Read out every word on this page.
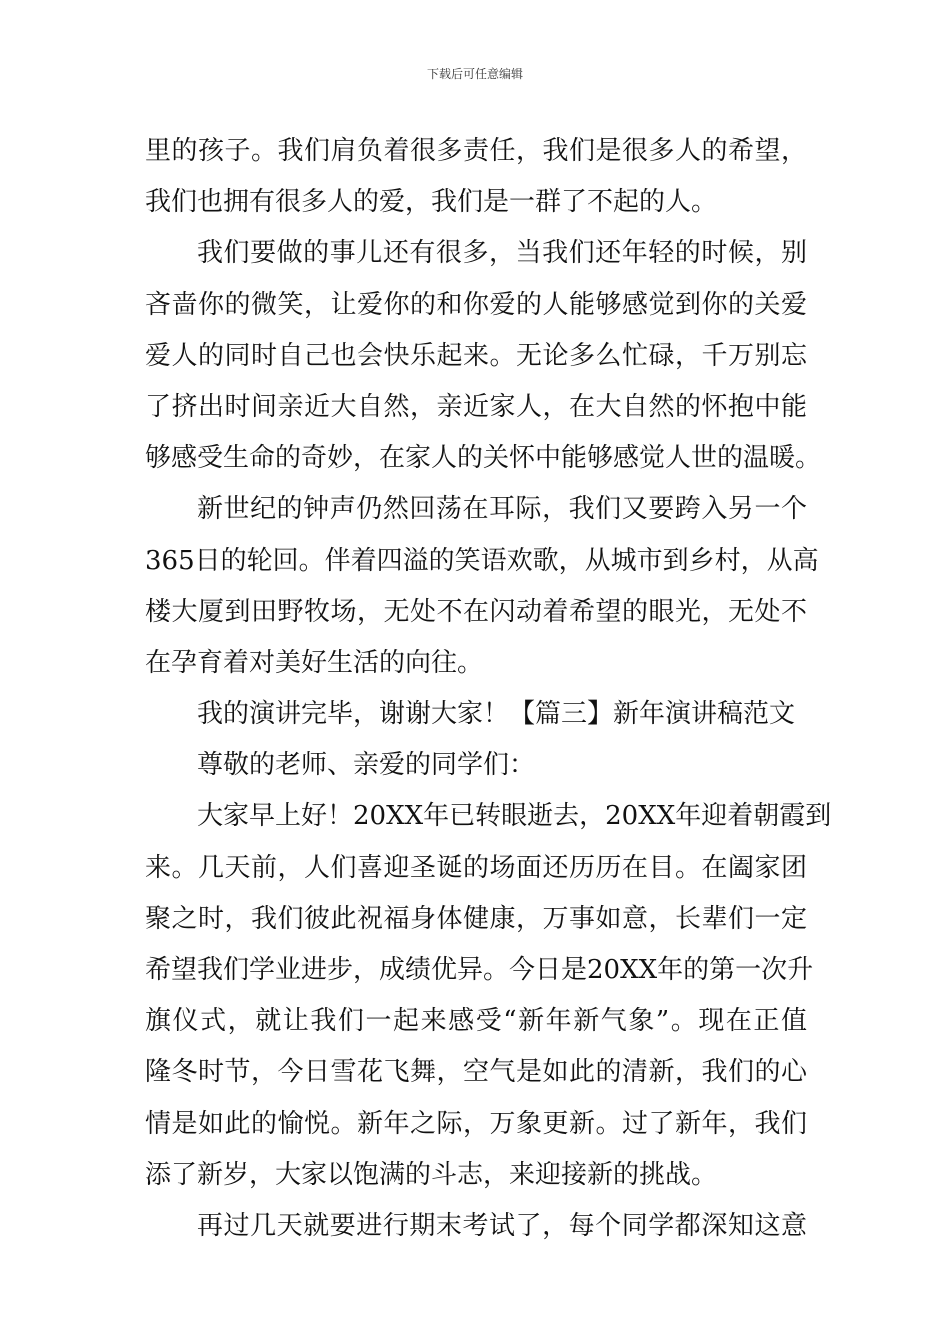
下载后可任意编辑
里的孩子。我们肩负着很多责任，我们是很多人的希望，
我们也拥有很多人的爱，我们是一群了不起的人。
我们要做的事儿还有很多，当我们还年轻的时候，别
吝啬你的微笑，让爱你的和你爱的人能够感觉到你的关爱
爱人的同时自己也会快乐起来。无论多么忙碌，千万别忘
了挤出时间亲近大自然，亲近家人，在大自然的怀抱中能
够感受生命的奇妙，在家人的关怀中能够感觉人世的温暖。
新世纪的钟声仍然回荡在耳际，我们又要跨入另一个
365日的轮回。伴着四溢的笑语欢歌，从城市到乡村，从高
楼大厦到田野牧场，无处不在闪动着希望的眼光，无处不
在孕育着对美好生活的向往。
我的演讲完毕，谢谢大家！【篇三】新年演讲稿范文
尊敬的老师、亲爱的同学们：
大家早上好！20XX年已转眼逝去，20XX年迎着朝霞到
来。几天前，人们喜迎圣诞的场面还历历在目。在阖家团
聚之时，我们彼此祝福身体健康，万事如意，长辈们一定
希望我们学业进步，成绩优异。今日是20XX年的第一次升
旗仪式，就让我们一起来感受“新年新气象”。现在正值
隆冬时节，今日雪花飞舞，空气是如此的清新，我们的心
情是如此的愉悦。新年之际，万象更新。过了新年，我们
添了新岁，大家以饱满的斗志，来迎接新的挑战。
再过几天就要进行期末考试了，每个同学都深知这意
